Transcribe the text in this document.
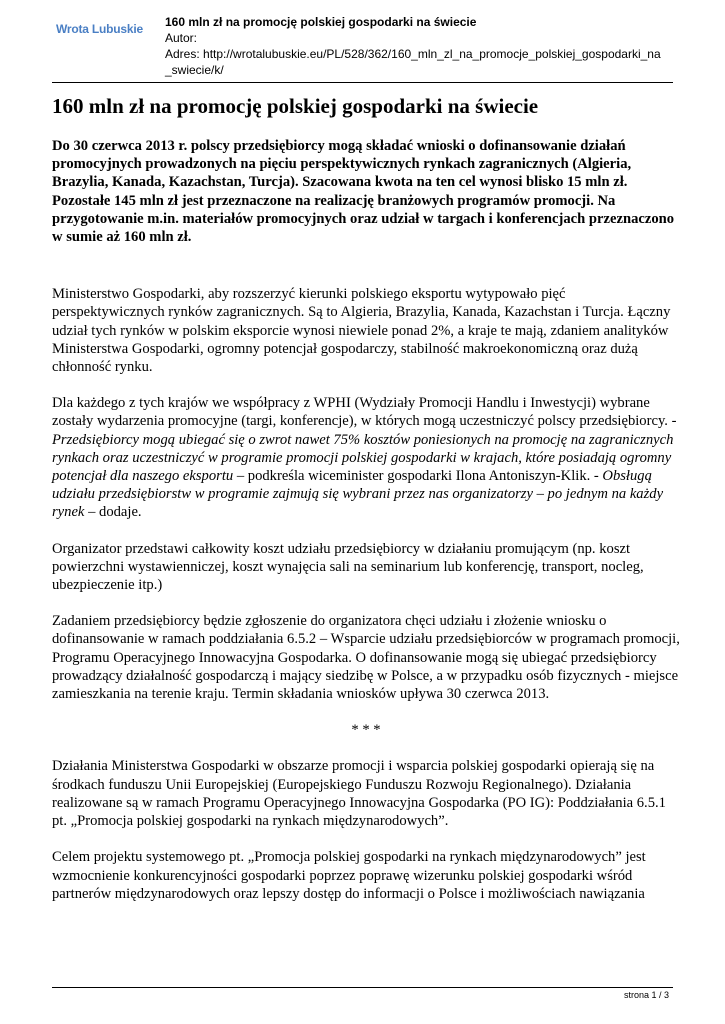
Wrota Lubuskie 160 mln zł na promocję polskiej gospodarki na świecie
Autor:
Adres: http://wrotalubuskie.eu/PL/528/362/160_mln_zl_na_promocje_polskiej_gospodarki_na
_swiecie/k/
160 mln zł na promocję polskiej gospodarki na świecie

Do 30 czerwca 2013 r. polscy przedsiębiorcy mogą składać wnioski o dofinansowanie działań promocyjnych prowadzonych na pięciu perspektywicznych rynkach zagranicznych (Algieria, Brazylia, Kanada, Kazachstan, Turcja). Szacowana kwota na ten cel wynosi blisko 15 mln zł. Pozostałe 145 mln zł jest przeznaczone na realizację branżowych programów promocji. Na przygotowanie m.in. materiałów promocyjnych oraz udział w targach i konferencjach przeznaczono w sumie aż 160 mln zł.

Ministerstwo Gospodarki, aby rozszerzyć kierunki polskiego eksportu wytypowało pięć perspektywicznych rynków zagranicznych. Są to Algieria, Brazylia, Kanada, Kazachstan i Turcja. Łączny udział tych rynków w polskim eksporcie wynosi niewiele ponad 2%, a kraje te mają, zdaniem analityków Ministerstwa Gospodarki, ogromny potencjał gospodarczy, stabilność makroekonomiczną oraz dużą chłonność rynku.

Dla każdego z tych krajów we współpracy z WPHI (Wydziały Promocji Handlu i Inwestycji) wybrane zostały wydarzenia promocyjne (targi, konferencje), w których mogą uczestniczyć polscy przedsiębiorcy. - Przedsiębiorcy mogą ubiegać się o zwrot nawet 75% kosztów poniesionych na promocję na zagranicznych rynkach oraz uczestniczyć w programie promocji polskiej gospodarki w krajach, które posiadają ogromny potencjał dla naszego eksportu – podkreśla wiceminister gospodarki Ilona Antoniszyn-Klik. - Obsługą udziału przedsiębiorstw w programie zajmują się wybrani przez nas organizatorzy – po jednym na każdy rynek – dodaje.

Organizator przedstawi całkowity koszt udziału przedsiębiorcy w działaniu promującym (np. koszt powierzchni wystawienniczej, koszt wynajęcia sali na seminarium lub konferencję, transport, nocleg, ubezpieczenie itp.)

Zadaniem przedsiębiorcy będzie zgłoszenie do organizatora chęci udziału i złożenie wniosku o dofinansowanie w ramach poddziałania 6.5.2 – Wsparcie udziału przedsiębiorców w programach promocji, Programu Operacyjnego Innowacyjna Gospodarka. O dofinansowanie mogą się ubiegać przedsiębiorcy prowadzący działalność gospodarczą i mający siedzibę w Polsce, a w przypadku osób fizycznych - miejsce zamieszkania na terenie kraju. Termin składania wniosków upływa 30 czerwca 2013.

* * *

Działania Ministerstwa Gospodarki w obszarze promocji i wsparcia polskiej gospodarki opierają się na środkach funduszu Unii Europejskiej (Europejskiego Funduszu Rozwoju Regionalnego). Działania realizowane są w ramach Programu Operacyjnego Innowacyjna Gospodarka (PO IG): Poddziałania 6.5.1 pt. „Promocja polskiej gospodarki na rynkach międzynarodowych”.

Celem projektu systemowego pt. „Promocja polskiej gospodarki na rynkach międzynarodowych” jest wzmocnienie konkurencyjności gospodarki poprzez poprawę wizerunku polskiej gospodarki wśród partnerów międzynarodowych oraz lepszy dostęp do informacji o Polsce i możliwościach nawiązania

strona 1 / 3
